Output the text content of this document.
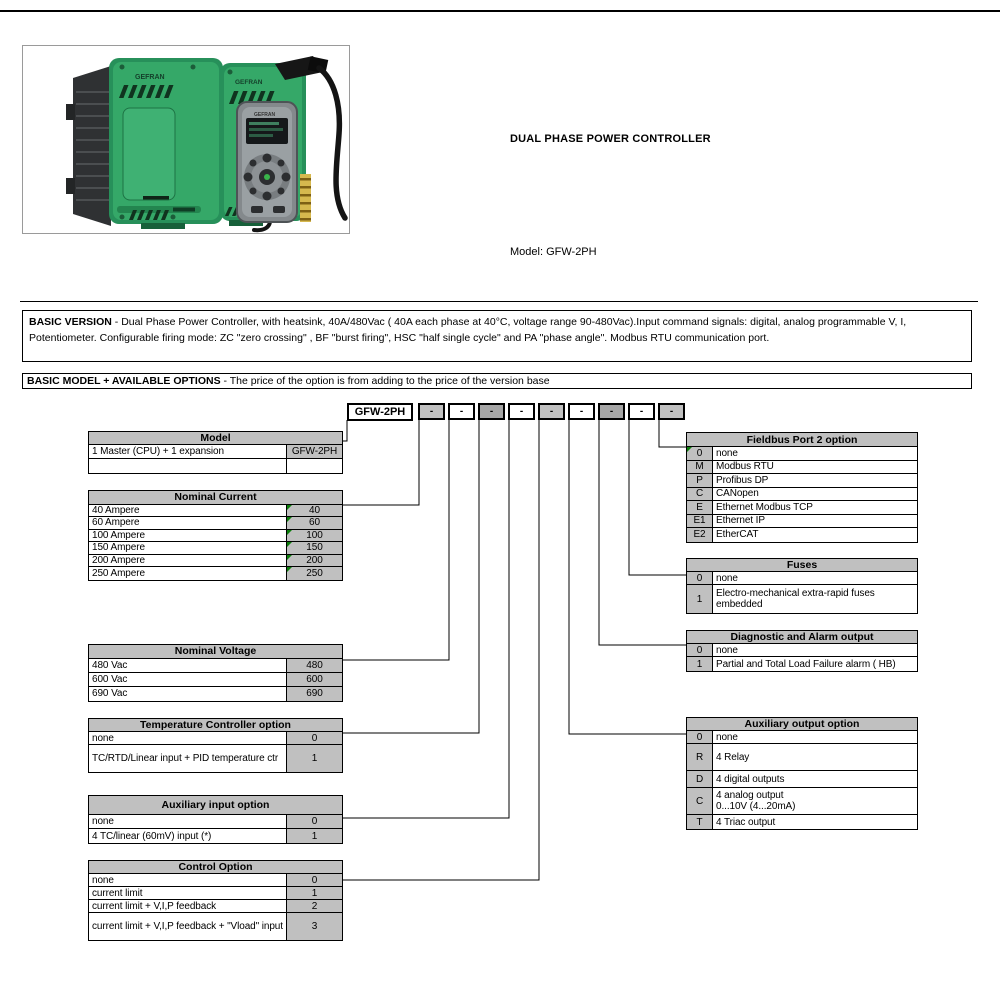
GEFRAN
GEFRAN
GEFRAN
DUAL PHASE POWER CONTROLLER
Model: GFW-2PH
BASIC VERSION - Dual Phase Power Controller, with heatsink, 40A/480Vac ( 40A each phase at 40°C, voltage range 90-480Vac).Input command signals: digital, analog programmable V, I, Potentiometer. Configurable firing mode: ZC "zero crossing" , BF "burst firing", HSC "half single cycle" and PA "phase angle". Modbus RTU communication port.
BASIC MODEL + AVAILABLE OPTIONS - The price of the option is from adding to the price of the version base
GFW-2PH	-	-	-	-	-	-	-	-	-
Model
1 Master (CPU) + 1 expansion	GFW-2PH
Nominal Current
40 Ampere	40
60 Ampere	60
100 Ampere	100
150 Ampere	150
200 Ampere	200
250 Ampere	250
Nominal Voltage
480 Vac	480
600 Vac	600
690 Vac	690
Temperature Controller option
none	0
TC/RTD/Linear input + PID temperature ctr	1
Auxiliary input option
none	0
4 TC/linear (60mV) input (*)	1
Control Option
none	0
current limit	1
current limit + V,I,P feedback	2
current limit + V,I,P feedback + "Vload" input	3
Fieldbus Port 2 option
0	none
M	Modbus RTU
P	Profibus DP
C	CANopen
E	Ethernet Modbus TCP
E1	Ethernet IP
E2	EtherCAT
Fuses
0	none
1	Electro-mechanical extra-rapid fuses embedded
Diagnostic and Alarm output
0	none
1	Partial and Total Load Failure alarm ( HB)
Auxiliary output option
0	none
R	4 Relay
D	4 digital outputs
C	4 analog output
0...10V (4...20mA)
T	4 Triac output
